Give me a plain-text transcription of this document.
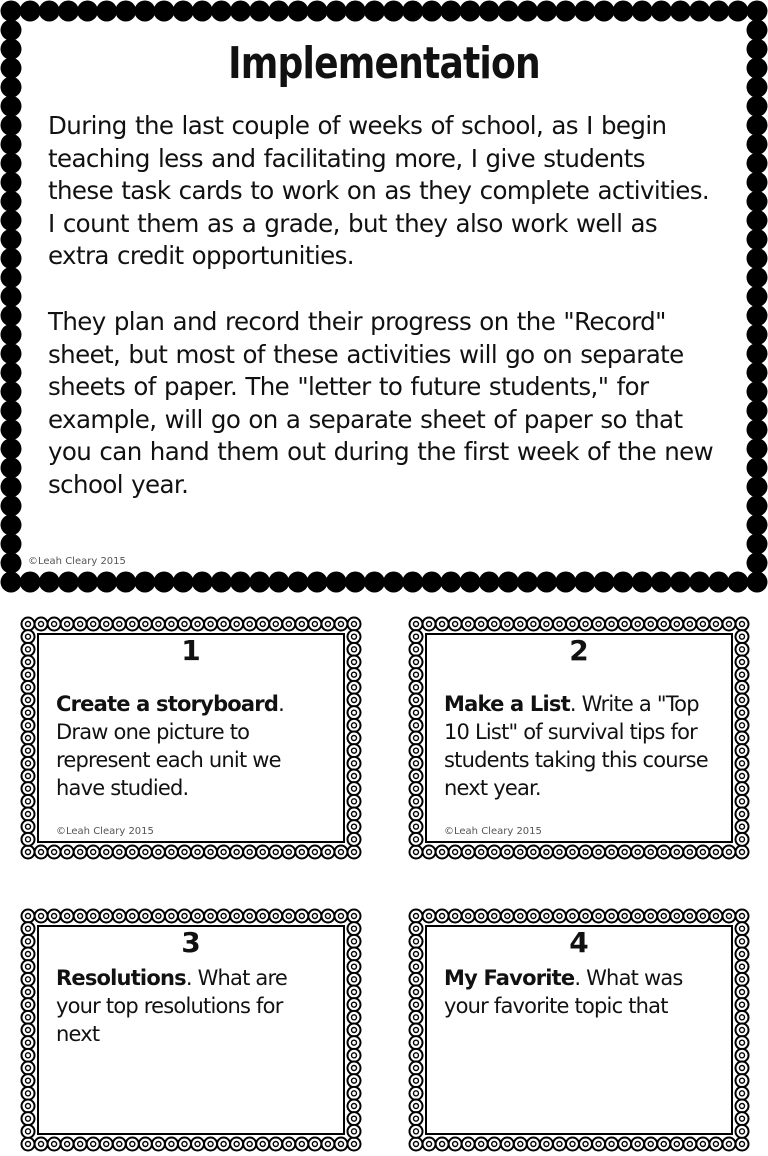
Implementation

During the last couple of weeks of school, as I begin teaching less and facilitating more, I give students these task cards to work on as they complete activities. I count them as a grade, but they also work well as extra credit opportunities.

They plan and record their progress on the "Record" sheet, but most of these activities will go on separate sheets of paper. The "letter to future students," for example, will go on a separate sheet of paper so that you can hand them out during the first week of the new school year.

©Leah Cleary 2015
1
Create a storyboard. Draw one picture to represent each unit we have studied.
©Leah Cleary 2015
2
Make a List. Write a "Top 10 List" of survival tips for students taking this course next year.
©Leah Cleary 2015
3
Resolutions. What are your top resolutions for next
4
My Favorite. What was your favorite topic that
